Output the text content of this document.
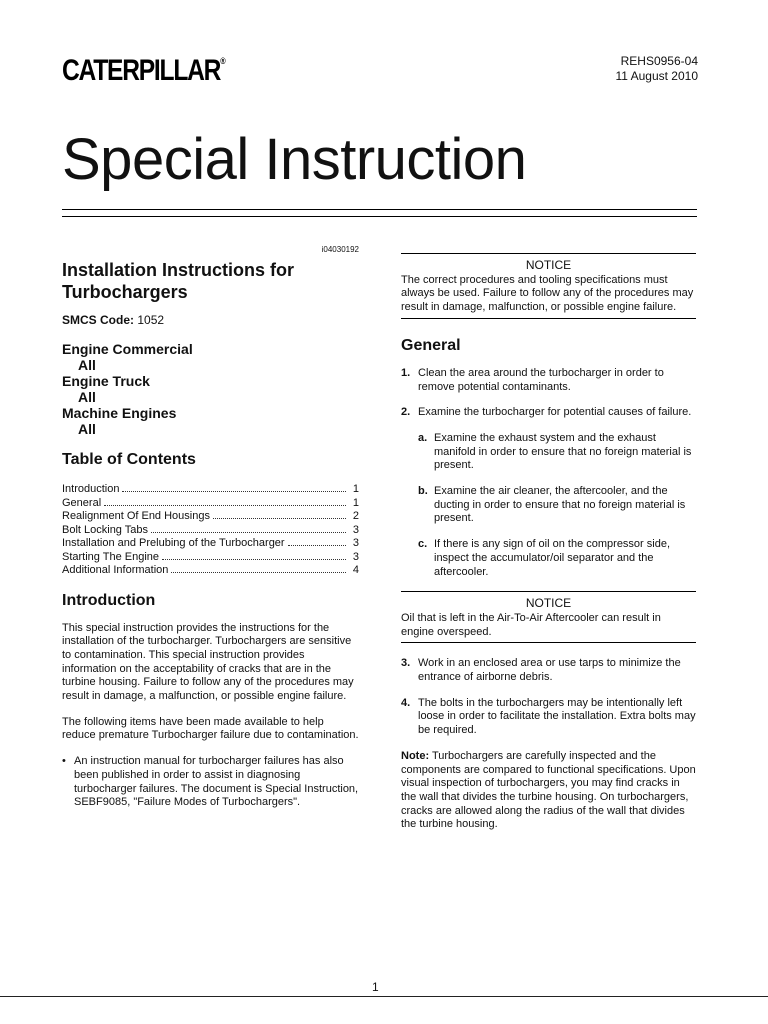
CATERPILLAR®	REHS0956-04
11 August 2010
Special Instruction
i04030192
Installation Instructions for Turbochargers
SMCS Code: 1052
Engine Commercial
All
Engine Truck
All
Machine Engines
All
Table of Contents
Introduction	1
General	1
Realignment Of End Housings	2
Bolt Locking Tabs	3
Installation and Prelubing of the Turbocharger	3
Starting The Engine	3
Additional Information	4
Introduction

This special instruction provides the instructions for the installation of the turbocharger. Turbochargers are sensitive to contamination. This special instruction provides information on the acceptability of cracks that are in the turbine housing. Failure to follow any of the procedures may result in damage, a malfunction, or possible engine failure.

The following items have been made available to help reduce premature Turbocharger failure due to contamination.

• An instruction manual for turbocharger failures has also been published in order to assist in diagnosing turbocharger failures. The document is Special Instruction, SEBF9085, "Failure Modes of Turbochargers".
NOTICE
The correct procedures and tooling specifications must always be used. Failure to follow any of the procedures may result in damage, malfunction, or possible engine failure.
General
1. Clean the area around the turbocharger in order to remove potential contaminants.
2. Examine the turbocharger for potential causes of failure.
a. Examine the exhaust system and the exhaust manifold in order to ensure that no foreign material is present.
b. Examine the air cleaner, the aftercooler, and the ducting in order to ensure that no foreign material is present.
c. If there is any sign of oil on the compressor side, inspect the accumulator/oil separator and the aftercooler.
NOTICE
Oil that is left in the Air-To-Air Aftercooler can result in engine overspeed.
3. Work in an enclosed area or use tarps to minimize the entrance of airborne debris.
4. The bolts in the turbochargers may be intentionally left loose in order to facilitate the installation. Extra bolts may be required.

Note: Turbochargers are carefully inspected and the components are compared to functional specifications. Upon visual inspection of turbochargers, you may find cracks in the wall that divides the turbine housing. On turbochargers, cracks are allowed along the radius of the wall that divides the turbine housing.

1
